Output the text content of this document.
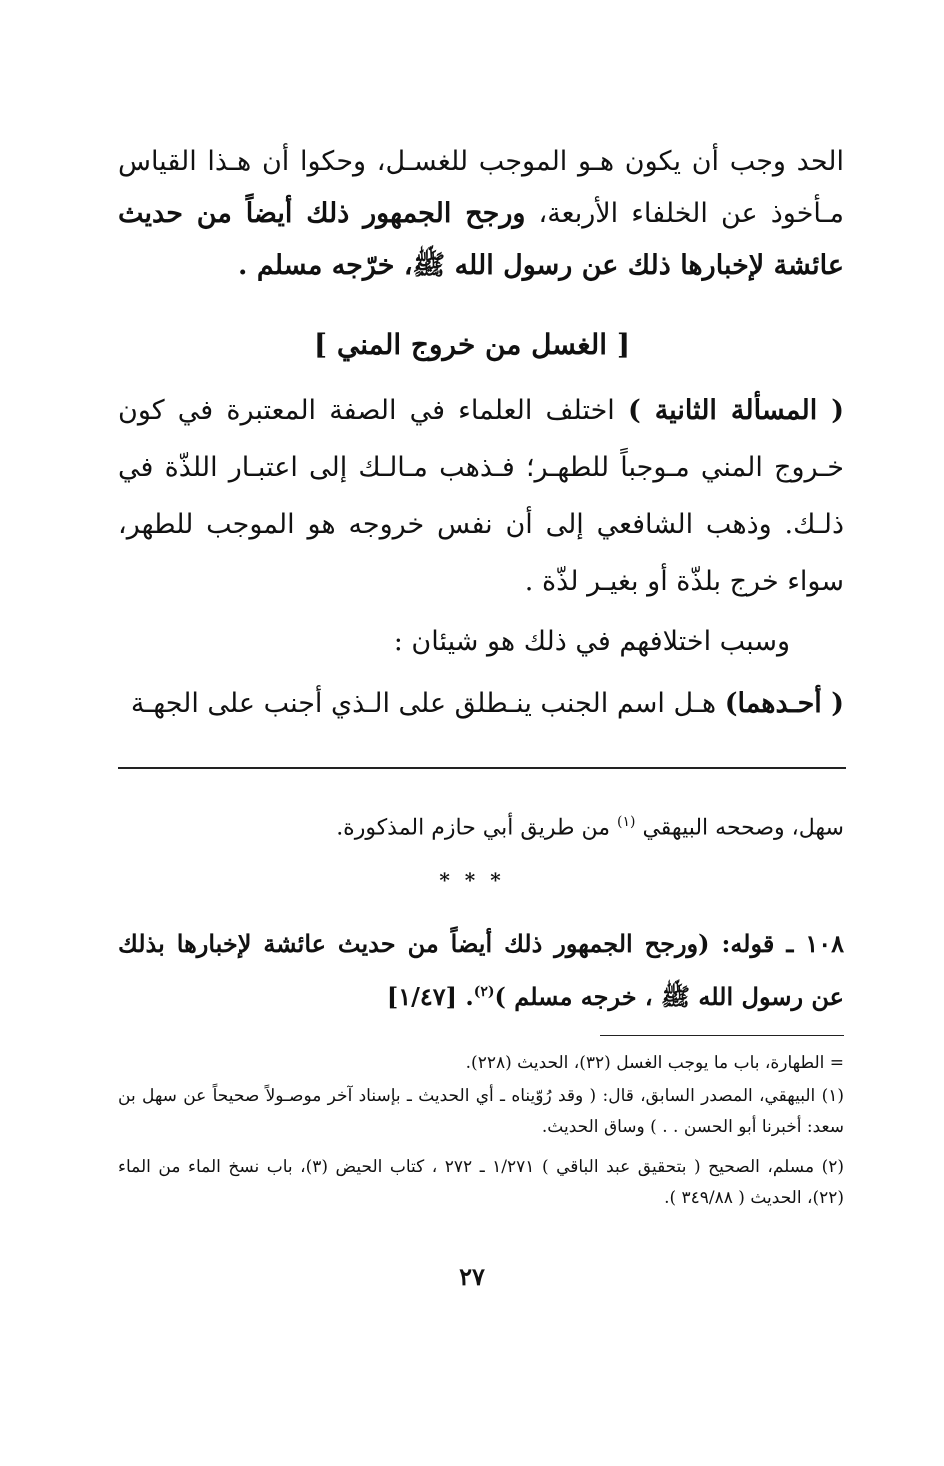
الحد وجب أن يكون هـو الموجب للغسـل، وحكوا أن هـذا القياس مـأخوذ عن الخلفاء الأربعة، ورجح الجمهور ذلك أيضاً من حديث عائشة لإخبارها ذلك عن رسول الله ﷺ، خرّجه مسلم .
[ الغسل من خروج المني ]
( المسألة الثانية ) اختلف العلماء في الصفة المعتبرة في كون خـروج المني مـوجباً للطهـر؛ فـذهب مـالـك إلى اعتبـار اللذّة في ذلـك. وذهب الشافعي إلى أن نفس خروجه هو الموجب للطهر، سواء خرج بلذّة أو بغيـر لذّة .
وسبب اختلافهم في ذلك هو شيئان :
( أحـدهما) هـل اسم الجنب ينـطلق على الـذي أجنب على الجهـة
سهل، وصححه البيهقي $^{(١)}$ من طريق أبي حازم المذكورة.
* * *
١٠٨ ـ قوله: (ورجح الجمهور ذلك أيضاً من حديث عائشة لإخبارها بذلك عن رسول الله ﷺ ، خرجه مسلم )$^{(٢)}$. [١/٤٧]
= الطهارة، باب ما يوجب الغسل (٣٢)، الحديث (٢٢٨).
(١) البيهقي، المصدر السابق، قال: ( وقد رُوّيناه ـ أي الحديث ـ بإسناد آخر موصـولاً صحيحاً عن سهل بن سعد: أخبرنا أبو الحسن . . ) وساق الحديث.
(٢) مسلم، الصحيح ( بتحقيق عبد الباقي ) ١/٢٧١ ـ ٢٧٢ ، كتاب الحيض (٣)، باب نسخ الماء من الماء (٢٢)، الحديث ( ٣٤٩/٨٨ ).
٢٧
